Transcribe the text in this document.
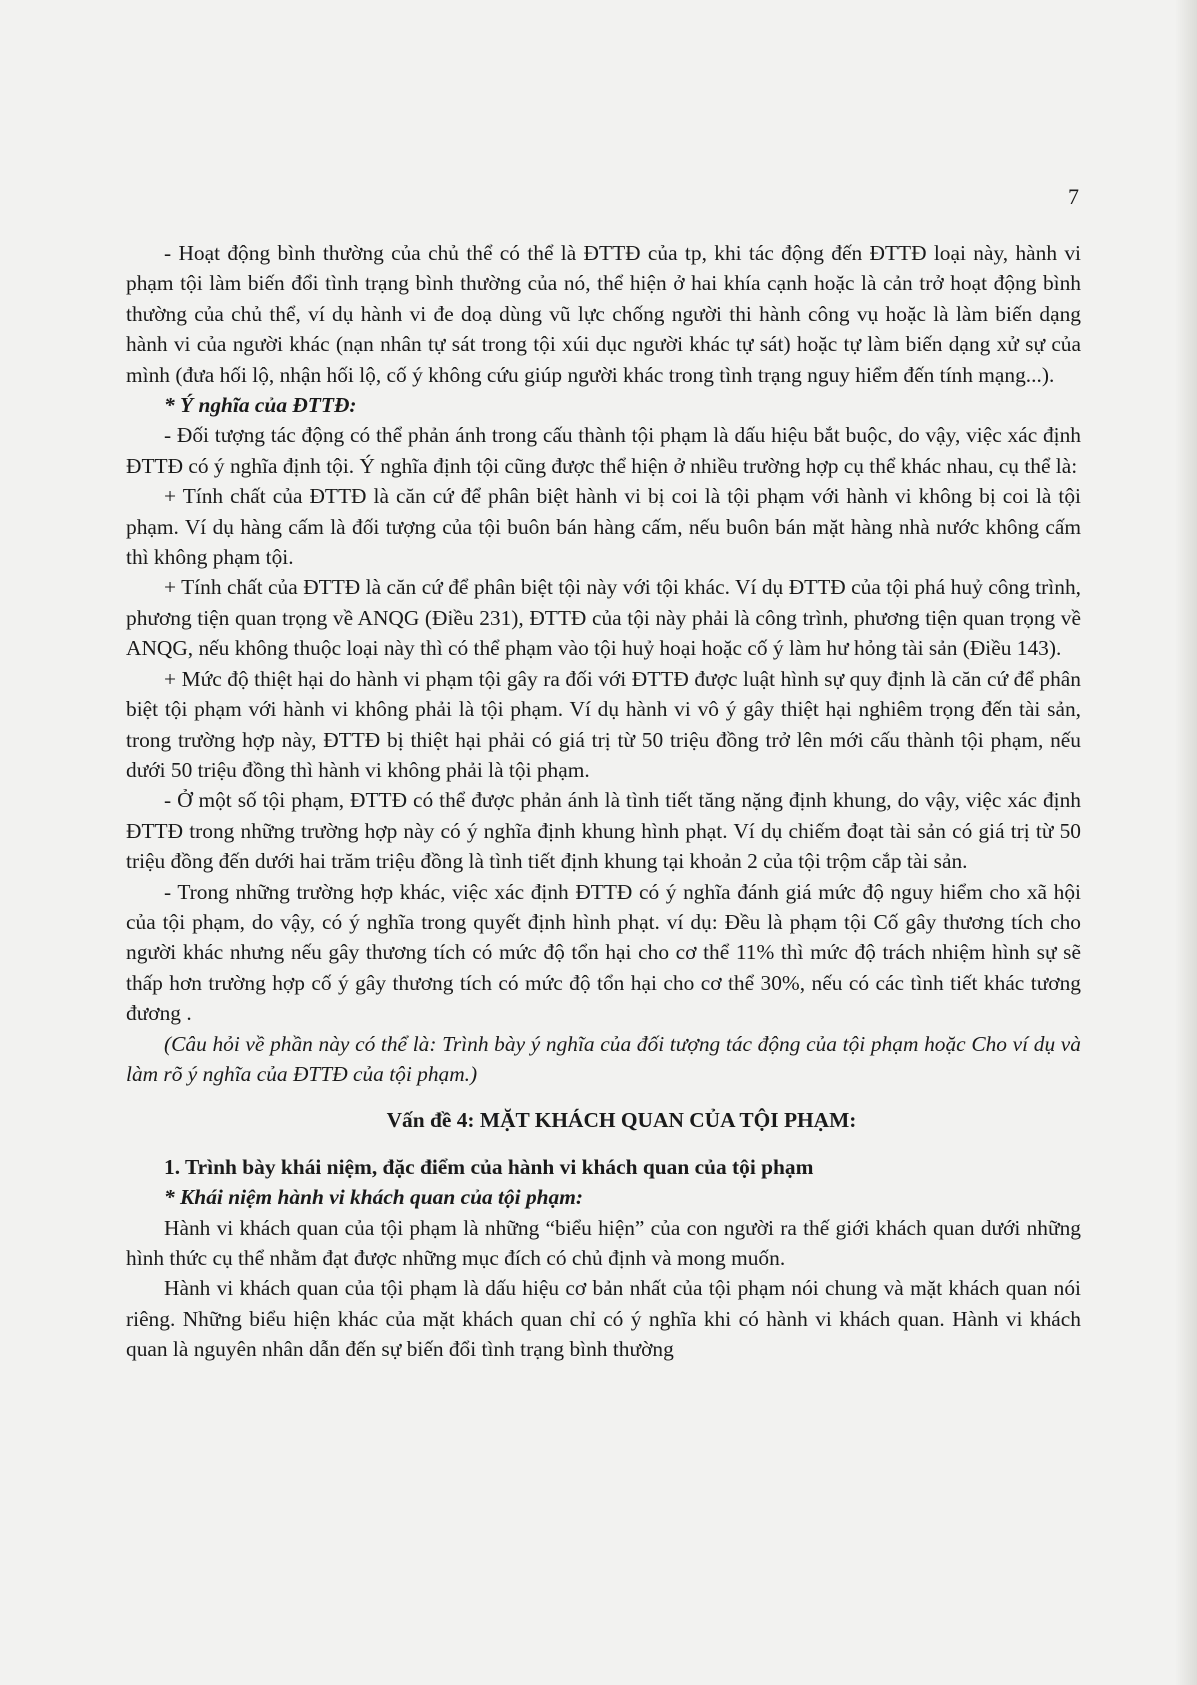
7

- Hoạt động bình thường của chủ thể có thể là ĐTTĐ của tp, khi tác động đến ĐTTĐ loại này, hành vi phạm tội làm biến đổi tình trạng bình thường của nó, thể hiện ở hai khía cạnh hoặc là cản trở hoạt động bình thường của chủ thể, ví dụ hành vi đe doạ dùng vũ lực chống người thi hành công vụ hoặc là làm biến dạng hành vi của người khác (nạn nhân tự sát trong tội xúi dục người khác tự sát) hoặc tự làm biến dạng xử sự của mình (đưa hối lộ, nhận hối lộ, cố ý không cứu giúp người khác trong tình trạng nguy hiểm đến tính mạng...).

* Ý nghĩa của ĐTTĐ:

- Đối tượng tác động có thể phản ánh trong cấu thành tội phạm là dấu hiệu bắt buộc, do vậy, việc xác định ĐTTĐ có ý nghĩa định tội. Ý nghĩa định tội cũng được thể hiện ở nhiều trường hợp cụ thể khác nhau, cụ thể là:

+ Tính chất của ĐTTĐ là căn cứ để phân biệt hành vi bị coi là tội phạm với hành vi không bị coi là tội phạm. Ví dụ hàng cấm là đối tượng của tội buôn bán hàng cấm, nếu buôn bán mặt hàng nhà nước không cấm thì không phạm tội.

+ Tính chất của ĐTTĐ là căn cứ để phân biệt tội này với tội khác. Ví dụ ĐTTĐ của tội phá huỷ công trình, phương tiện quan trọng về ANQG (Điều 231), ĐTTĐ của tội này phải là công trình, phương tiện quan trọng về ANQG, nếu không thuộc loại này thì có thể phạm vào tội huỷ hoại hoặc cố ý làm hư hỏng tài sản (Điều 143).

+ Mức độ thiệt hại do hành vi phạm tội gây ra đối với ĐTTĐ được luật hình sự quy định là căn cứ để phân biệt tội phạm với hành vi không phải là tội phạm. Ví dụ hành vi vô ý gây thiệt hại nghiêm trọng đến tài sản, trong trường hợp này, ĐTTĐ bị thiệt hại phải có giá trị từ 50 triệu đồng trở lên mới cấu thành tội phạm, nếu dưới 50 triệu đồng thì hành vi không phải là tội phạm.

- Ở một số tội phạm, ĐTTĐ có thể được phản ánh là tình tiết tăng nặng định khung, do vậy, việc xác định ĐTTĐ trong những trường hợp này có ý nghĩa định khung hình phạt. Ví dụ chiếm đoạt tài sản có giá trị từ 50 triệu đồng đến dưới hai trăm triệu đồng là tình tiết định khung tại khoản 2 của tội trộm cắp tài sản.

- Trong những trường hợp khác, việc xác định ĐTTĐ có ý nghĩa đánh giá mức độ nguy hiểm cho xã hội của tội phạm, do vậy, có ý nghĩa trong quyết định hình phạt. ví dụ: Đều là phạm tội Cố gây thương tích cho người khác nhưng nếu gây thương tích có mức độ tổn hại cho cơ thể 11% thì mức độ trách nhiệm hình sự sẽ thấp hơn trường hợp cố ý gây thương tích có mức độ tổn hại cho cơ thể 30%, nếu có các tình tiết khác tương đương .

(Câu hỏi về phần này có thể là: Trình bày ý nghĩa của đối tượng tác động của tội phạm hoặc Cho ví dụ và làm rõ ý nghĩa của ĐTTĐ của tội phạm.)

Vấn đề 4: MẶT KHÁCH QUAN CỦA TỘI PHẠM:

1. Trình bày khái niệm, đặc điểm của hành vi khách quan của tội phạm

* Khái niệm hành vi khách quan của tội phạm:

Hành vi khách quan của tội phạm là những “biểu hiện” của con người ra thế giới khách quan dưới những hình thức cụ thể nhằm đạt được những mục đích có chủ định và mong muốn.

Hành vi khách quan của tội phạm là dấu hiệu cơ bản nhất của tội phạm nói chung và mặt khách quan nói riêng. Những biểu hiện khác của mặt khách quan chỉ có ý nghĩa khi có hành vi khách quan. Hành vi khách quan là nguyên nhân dẫn đến sự biến đổi tình trạng bình thường
